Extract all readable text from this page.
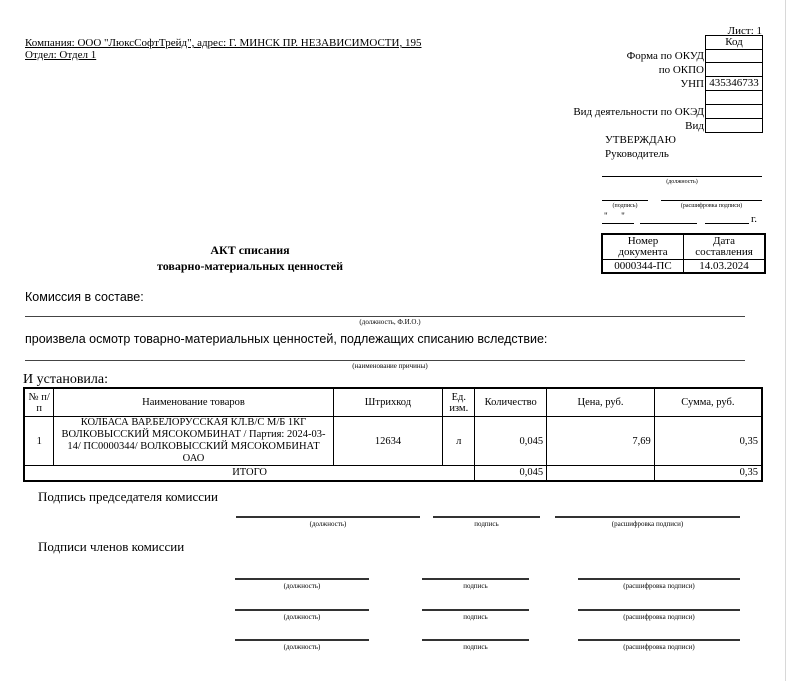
Компания: ООО "ЛюксСофтТрейд", адрес: Г. МИНСК ПР. НЕЗАВИСИМОСТИ, 195
Отдел: Отдел 1
Лист: 1
Код
Форма по ОКУД
по ОКПО
УНП 435346733
Вид деятельности по ОКЭД
Вид
УТВЕРЖДАЮ
Руководитель
(должность)
(подпись)	(расшифровка подписи)
"      "	г.
Номер документа	Дата составления
0000344-ПС	14.03.2024
АКТ списания
товарно-материальных ценностей
Комиссия в составе:
(должность, Ф.И.О.)
произвела осмотр товарно-материальных ценностей, подлежащих списанию вследствие:
(наименование причины)
И установила:
№ п/п	Наименование товаров	Штрихкод	Ед. изм.	Количество	Цена, руб.	Сумма, руб.
1	КОЛБАСА ВАР.БЕЛОРУССКАЯ КЛ.В/С М/Б 1КГ ВОЛКОВЫССКИЙ МЯСОКОМБИНАТ / Партия: 2024-03-14/ ПС0000344/ ВОЛКОВЫССКИЙ МЯСОКОМБИНАТ ОАО	12634	л	0,045	7,69	0,35
ИТОГО				0,045		0,35
Подпись председателя комиссии
(должность)	подпись	(расшифровка подписи)
Подписи членов комиссии
(должность)	подпись	(расшифровка подписи)
(должность)	подпись	(расшифровка подписи)
(должность)	подпись	(расшифровка подписи)
